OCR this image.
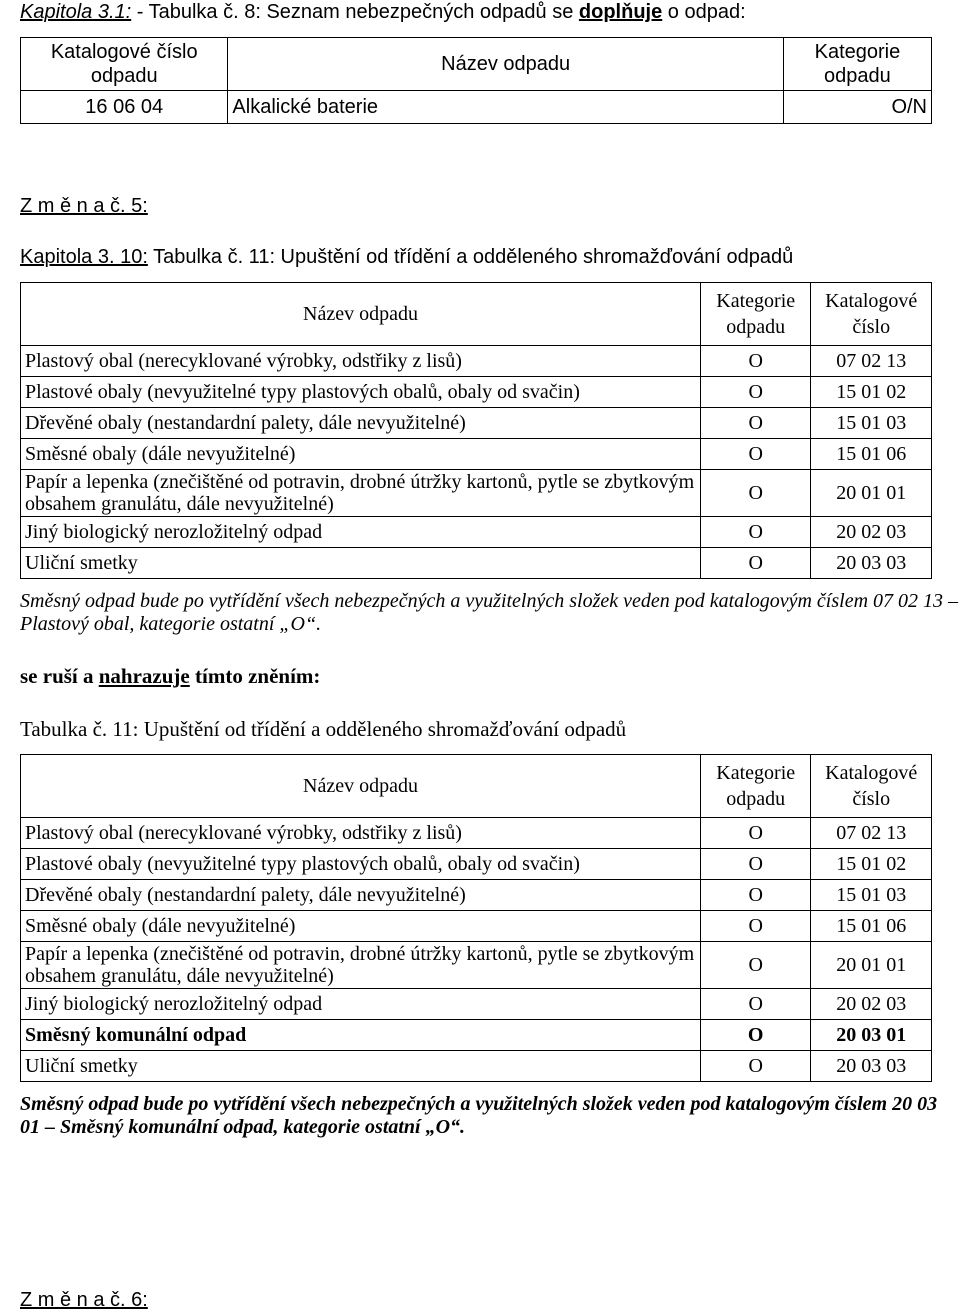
Kapitola 3.1: - Tabulka č. 8: Seznam nebezpečných odpadů se doplňuje o odpad:
Katalogové číslo odpadu	Název odpadu	Kategorie odpadu
16 06 04	Alkalické baterie	O/N
Z m ě n a č. 5:
Kapitola 3. 10: Tabulka č. 11: Upuštění od třídění a odděleného shromažďování odpadů
Název odpadu	Kategorie odpadu	Katalogové číslo
Plastový obal (nerecyklované výrobky, odstřiky z lisů)	O	07 02 13
Plastové obaly (nevyužitelné typy plastových obalů, obaly od svačin)	O	15 01 02
Dřevěné obaly (nestandardní palety, dále nevyužitelné)	O	15 01 03
Směsné obaly (dále nevyužitelné)	O	15 01 06
Papír a lepenka (znečištěné od potravin, drobné útržky kartonů, pytle se zbytkovým obsahem granulátu, dále nevyužitelné)	O	20 01 01
Jiný biologický nerozložitelný odpad	O	20 02 03
Uliční smetky	O	20 03 03
Směsný odpad bude po vytřídění všech nebezpečných a využitelných složek veden pod katalogovým číslem 07 02 13 – Plastový obal, kategorie ostatní „O“.
se ruší a nahrazuje tímto zněním:
Tabulka č. 11: Upuštění od třídění a odděleného shromažďování odpadů
Název odpadu	Kategorie odpadu	Katalogové číslo
Plastový obal (nerecyklované výrobky, odstřiky z lisů)	O	07 02 13
Plastové obaly (nevyužitelné typy plastových obalů, obaly od svačin)	O	15 01 02
Dřevěné obaly (nestandardní palety, dále nevyužitelné)	O	15 01 03
Směsné obaly (dále nevyužitelné)	O	15 01 06
Papír a lepenka (znečištěné od potravin, drobné útržky kartonů, pytle se zbytkovým obsahem granulátu, dále nevyužitelné)	O	20 01 01
Jiný biologický nerozložitelný odpad	O	20 02 03
Směsný komunální odpad	O	20 03 01
Uliční smetky	O	20 03 03
Směsný odpad bude po vytřídění všech nebezpečných a využitelných složek veden pod katalogovým číslem 20 03 01 – Směsný komunální odpad, kategorie ostatní „O“.
Z m ě n a č. 6:
